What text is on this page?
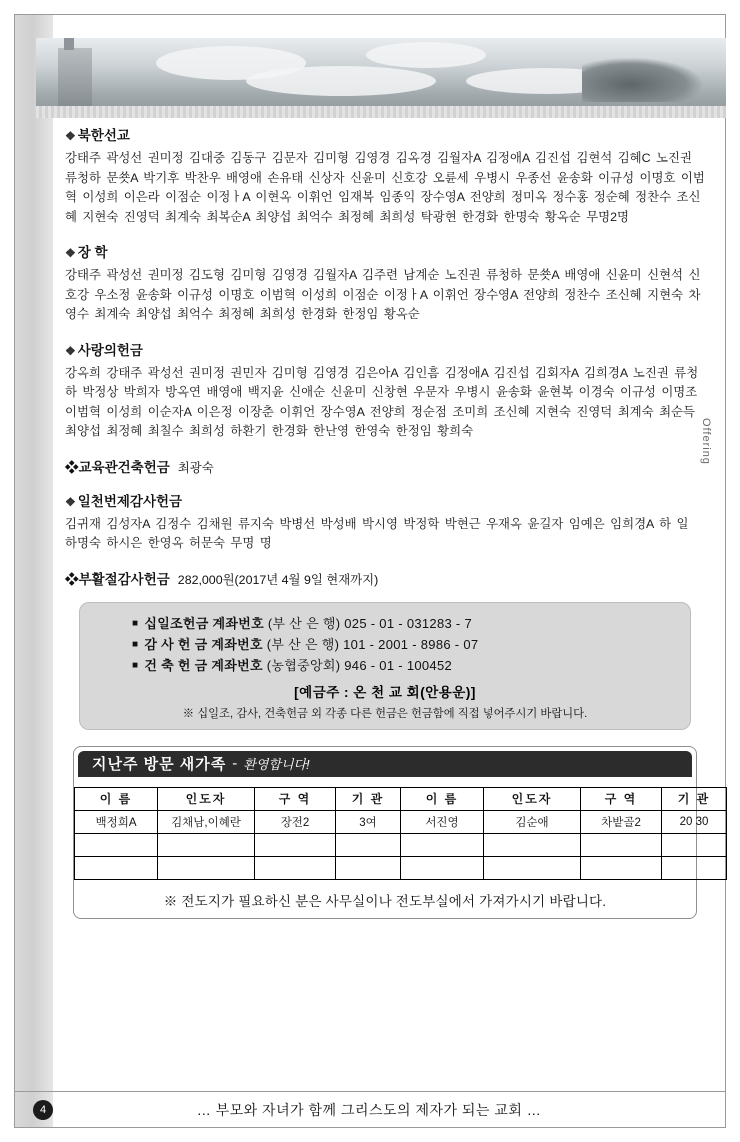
Offering
❖ 북한선교
강태주 곽성선 권미정 김대중 김동구 김문자 김미형 김영경 김옥경 김월자A 김정애A 김진섭 김현석 김혜C 노진권 류청하 문쑛A 박기후 박찬우 배영애 손유태 신상자 신윤미 신호강 오륜세 우병시 우종선 윤송화 이규성 이명호 이범혁 이성희 이은라 이점순 이정ㅏA 이현옥 이휘언 임재복 임종익 장수영A 전양희 정미옥 정수홍 정순혜 정찬수 조신혜 지현숙 진영덕 최계숙 최복순A 최양섭 최억수 최정혜 최희성 탁광현 한경화 한명숙 황옥순 무명2명
❖ 장 학
강태주 곽성선 권미정 김도형 김미형 김영경 김월자A 김주련 남계순 노진권 류청하 문쑛A 배영애 신윤미 신현석 신호강 우소정 윤송화 이규성 이명호 이범혁 이성희 이점순 이정ㅏA 이휘언 장수영A 전양희 정찬수 조신혜 지현숙 차영수 최계숙 최양섭 최억수 최정혜 최희성 한경화 한정임 황옥순
❖ 사랑의헌금
강옥희 강태주 곽성선 권미정 권민자 김미형 김영경 김은아A 김인흠 김정애A 김진섭 김회자A 김희경A 노진권 류청하 박정상 박희자 방옥연 배영애 백지윤 신애순 신윤미 신창현 우문자 우병시 윤송화 윤현복 이경숙 이규성 이명조 이범혁 이성희 이순자A 이은정 이장춘 이휘언 장수영A 전양희 정순점 조미희 조신혜 지현숙 진영덕 최계숙 최순득 최양섭 최정혜 최칠수 최희성 하환기 한경화 한난영 한영숙 한정임 황희숙
❖교육관건축헌금 최광숙
❖ 일천번제감사헌금
김귀재 김성자A 김정수 김채원 류지숙 박병선 박성배 박시영 박정학 박현근 우재옥 윤길자 임예은 임희경A 하 일 하명숙 하시은 한영옥 허문숙 무명 명
❖부활절감사헌금 282,000원(2017년 4월 9일 현재까지)
■ 십일조헌금 계좌번호 (부 산 은 행) 025 - 01 - 031283 - 7
■ 감 사 헌 금 계좌번호 (부 산 은 행) 101 - 2001 - 8986 - 07
■ 건 축 헌 금 계좌번호 (농협중앙회) 946 - 01 - 100452
[예금주 : 온 천 교 회(안용운)]
※ 십일조, 감사, 건축헌금 외 각종 다른 헌금은 헌금함에 직접 넣어주시기 바랍니다.
지난주 방문 새가족 - 환영합니다!
이 름	인도자	구 역	기 관	이 름	인도자	구 역	기 관
백정희A	김채남,이혜란	장전2	3여	서진영	김순애	차밭골2	20 30

※ 전도지가 필요하신 분은 사무실이나 전도부실에서 가져가시기 바랍니다.
4	… 부모와 자녀가 함께 그리스도의 제자가 되는 교회 …
